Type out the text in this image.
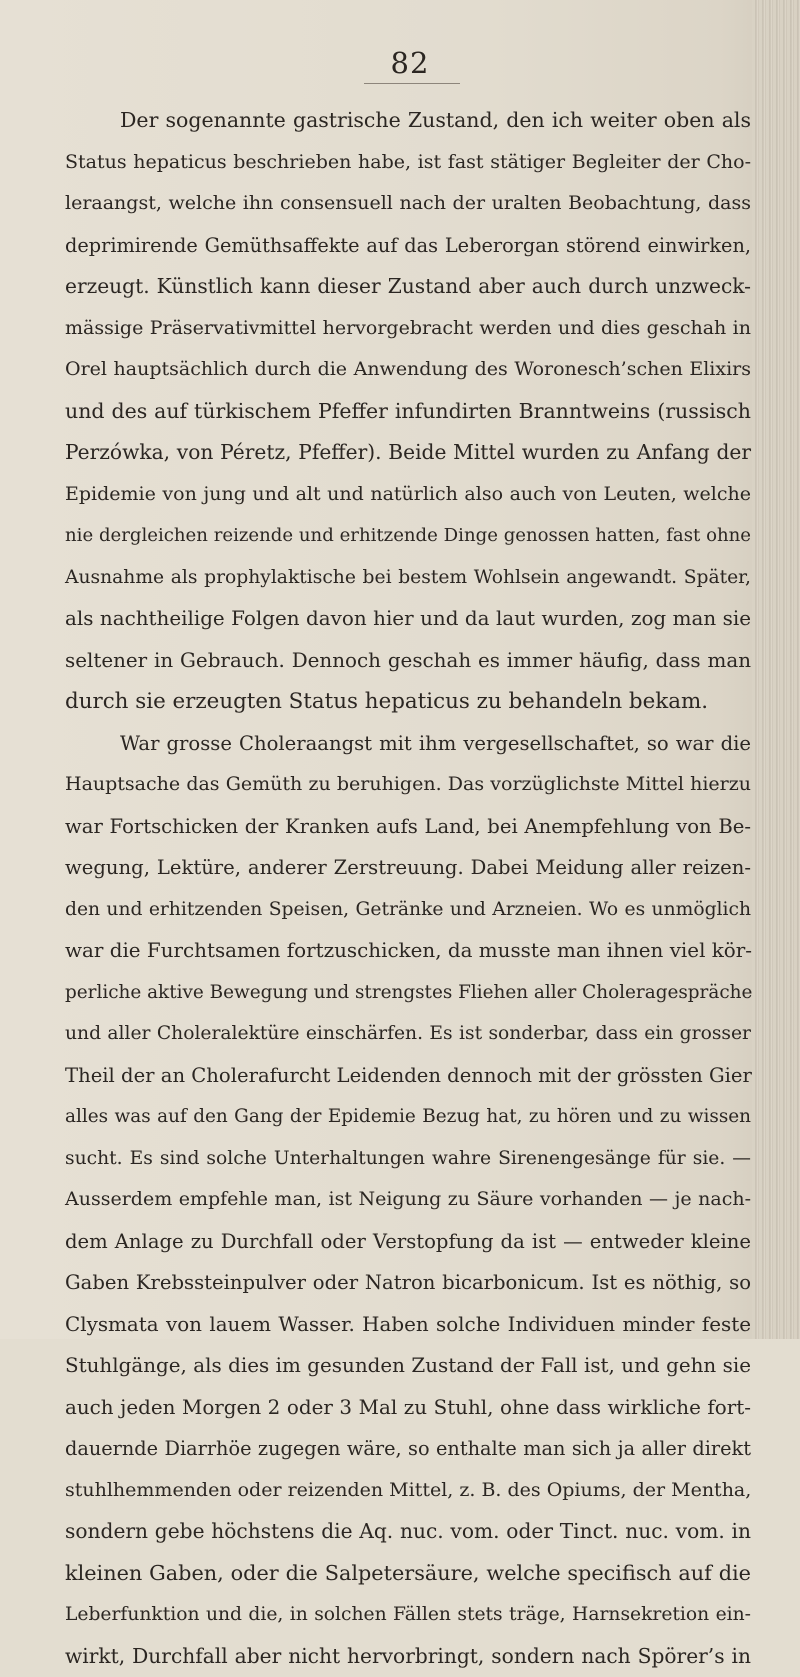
82
Der sogenannte gastrische Zustand, den ich weiter oben als
Status hepaticus beschrieben habe, ist fast stätiger Begleiter der Cho-
leraangst, welche ihn consensuell nach der uralten Beobachtung, dass
deprimirende Gemüthsaffekte auf das Leberorgan störend einwirken,
erzeugt. Künstlich kann dieser Zustand aber auch durch unzweck-
mässige Präservativmittel hervorgebracht werden und dies geschah in
Orel hauptsächlich durch die Anwendung des Woronesch’schen Elixirs
und des auf türkischem Pfeffer infundirten Branntweins (russisch
Perzówka, von Péretz, Pfeffer). Beide Mittel wurden zu Anfang der
Epidemie von jung und alt und natürlich also auch von Leuten, welche
nie dergleichen reizende und erhitzende Dinge genossen hatten, fast ohne
Ausnahme als prophylaktische bei bestem Wohlsein angewandt. Später,
als nachtheilige Folgen davon hier und da laut wurden, zog man sie
seltener in Gebrauch. Dennoch geschah es immer häufig, dass man
durch sie erzeugten Status hepaticus zu behandeln bekam.
War grosse Choleraangst mit ihm vergesellschaftet, so war die
Hauptsache das Gemüth zu beruhigen. Das vorzüglichste Mittel hierzu
war Fortschicken der Kranken aufs Land, bei Anempfehlung von Be-
wegung, Lektüre, anderer Zerstreuung. Dabei Meidung aller reizen-
den und erhitzenden Speisen, Getränke und Arzneien. Wo es unmöglich
war die Furchtsamen fortzuschicken, da musste man ihnen viel kör-
perliche aktive Bewegung und strengstes Fliehen aller Choleragespräche
und aller Choleralektüre einschärfen. Es ist sonderbar, dass ein grosser
Theil der an Cholerafurcht Leidenden dennoch mit der grössten Gier
alles was auf den Gang der Epidemie Bezug hat, zu hören und zu wissen
sucht. Es sind solche Unterhaltungen wahre Sirenengesänge für sie. —
Ausserdem empfehle man, ist Neigung zu Säure vorhanden — je nach-
dem Anlage zu Durchfall oder Verstopfung da ist — entweder kleine
Gaben Krebssteinpulver oder Natron bicarbonicum. Ist es nöthig, so
Clysmata von lauem Wasser. Haben solche Individuen minder feste
Stuhlgänge, als dies im gesunden Zustand der Fall ist, und gehn sie
auch jeden Morgen 2 oder 3 Mal zu Stuhl, ohne dass wirkliche fort-
dauernde Diarrhöe zugegen wäre, so enthalte man sich ja aller direkt
stuhlhemmenden oder reizenden Mittel, z. B. des Opiums, der Mentha,
sondern gebe höchstens die Aq. nuc. vom. oder Tinct. nuc. vom. in
kleinen Gaben, oder die Salpetersäure, welche specifisch auf die
Leberfunktion und die, in solchen Fällen stets träge, Harnsekretion ein-
wirkt, Durchfall aber nicht hervorbringt, sondern nach Spörer’s in
